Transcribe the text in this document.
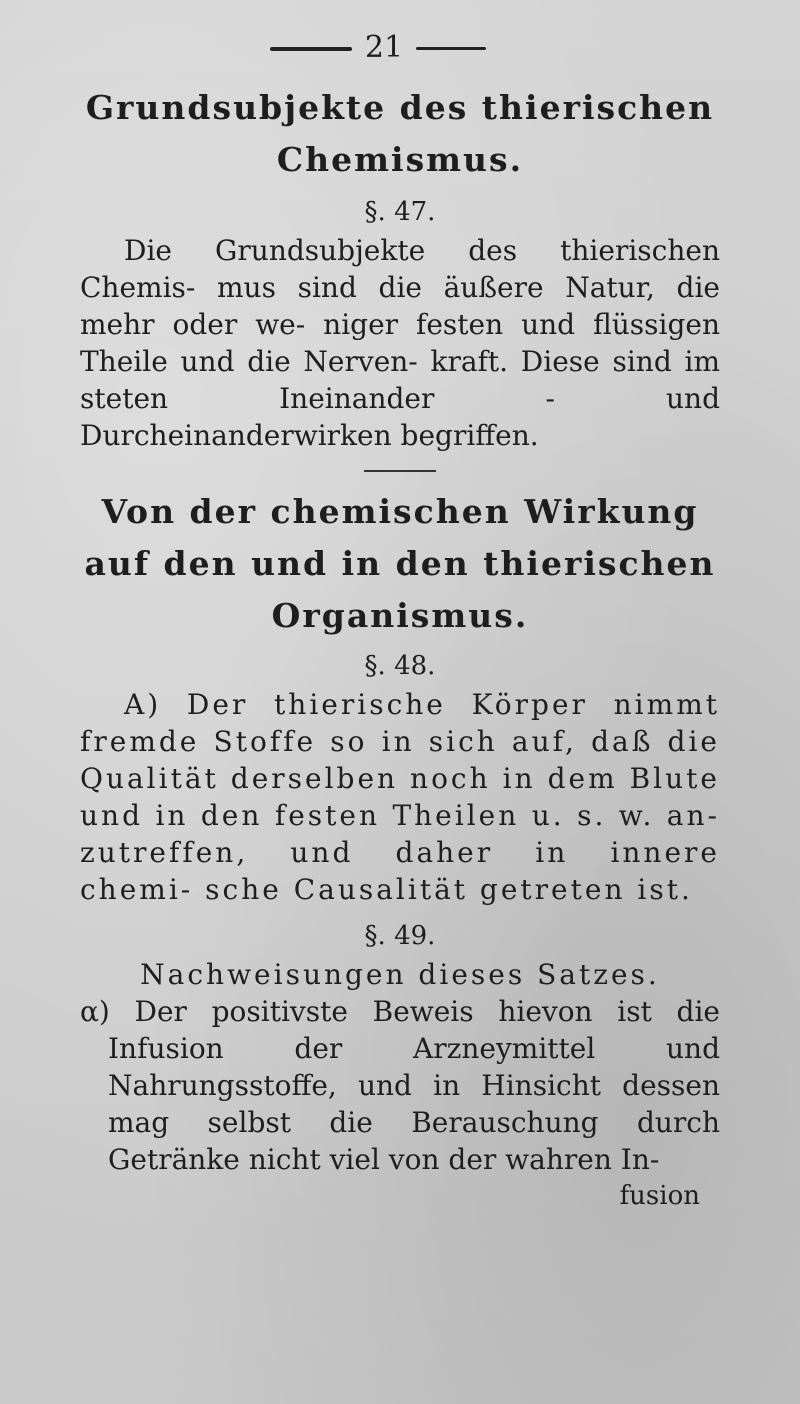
21

Grundsubjekte des thierischen Chemismus.

§. 47.

Die Grundsubjekte des thierischen Chemis- mus sind die äußere Natur, die mehr oder we- niger festen und flüssigen Theile und die Nerven- kraft. Diese sind im steten Ineinander - und Durcheinanderwirken begriffen.

Von der chemischen Wirkung auf den und in den thierischen Organismus.

§. 48.

A) Der thierische Körper nimmt fremde Stoffe so in sich auf, daß die Qualität derselben noch in dem Blute und in den festen Theilen u. s. w. an- zutreffen, und daher in innere chemi- sche Causalität getreten ist.

§. 49.

Nachweisungen dieses Satzes.

α) Der positivste Beweis hievon ist die Infusion der Arzneymittel und Nahrungsstoffe, und in Hinsicht dessen mag selbst die Berauschung durch Getränke nicht viel von der wahren In-

fusion
